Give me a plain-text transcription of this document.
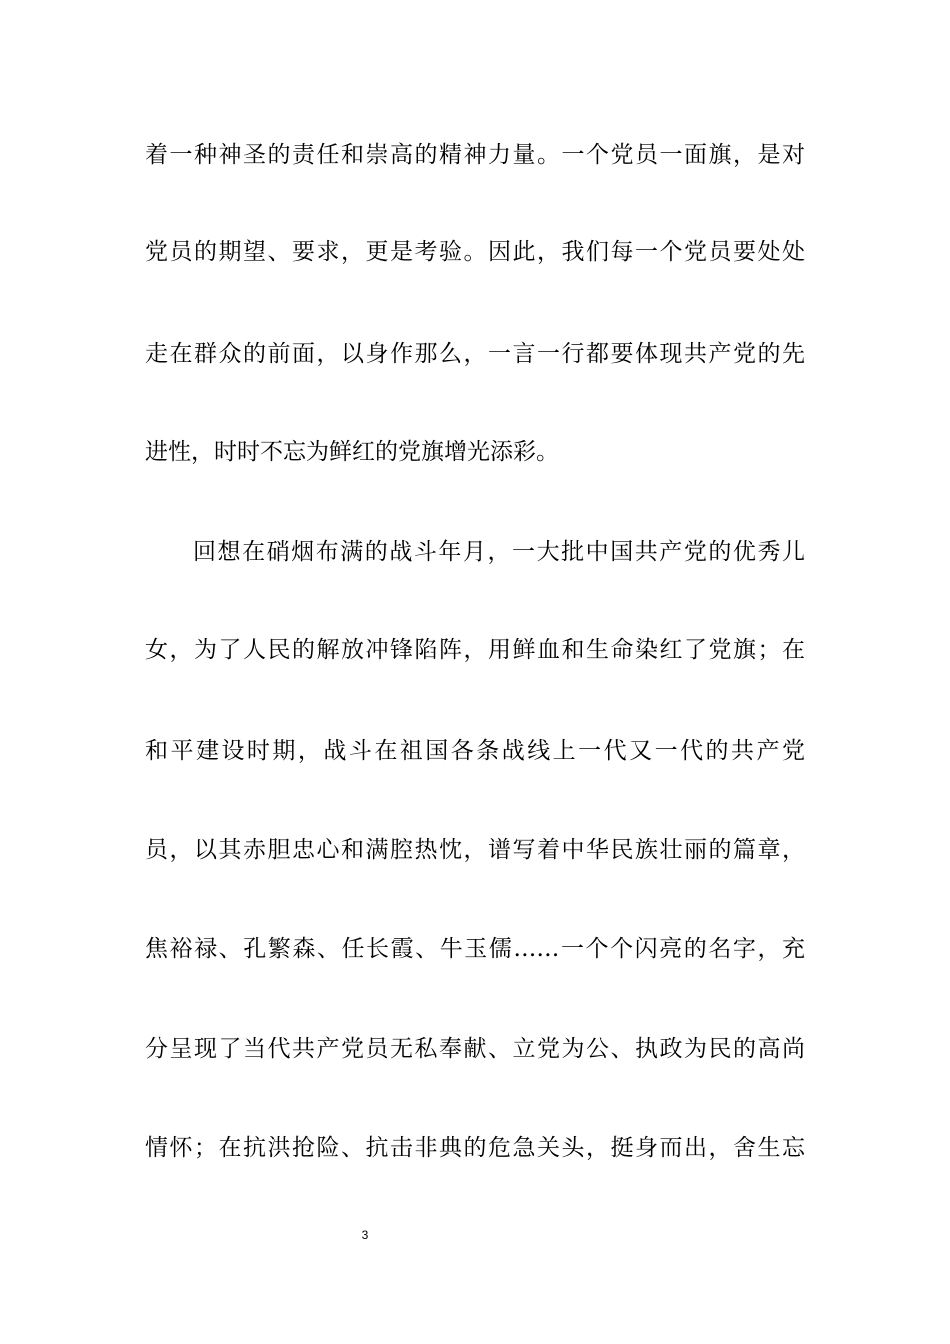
着一种神圣的责任和崇高的精神力量。一个党员一面旗，是对
党员的期望、要求，更是考验。因此，我们每一个党员要处处
走在群众的前面，以身作那么，一言一行都要体现共产党的先
进性，时时不忘为鲜红的党旗增光添彩。
回想在硝烟布满的战斗年月，一大批中国共产党的优秀儿
女，为了人民的解放冲锋陷阵，用鲜血和生命染红了党旗；在
和平建设时期，战斗在祖国各条战线上一代又一代的共产党
员，以其赤胆忠心和满腔热忱，谱写着中华民族壮丽的篇章，
焦裕禄、孔繁森、任长霞、牛玉儒……一个个闪亮的名字，充
分呈现了当代共产党员无私奉献、立党为公、执政为民的高尚
情怀；在抗洪抢险、抗击非典的危急关头，挺身而出，舍生忘
3
